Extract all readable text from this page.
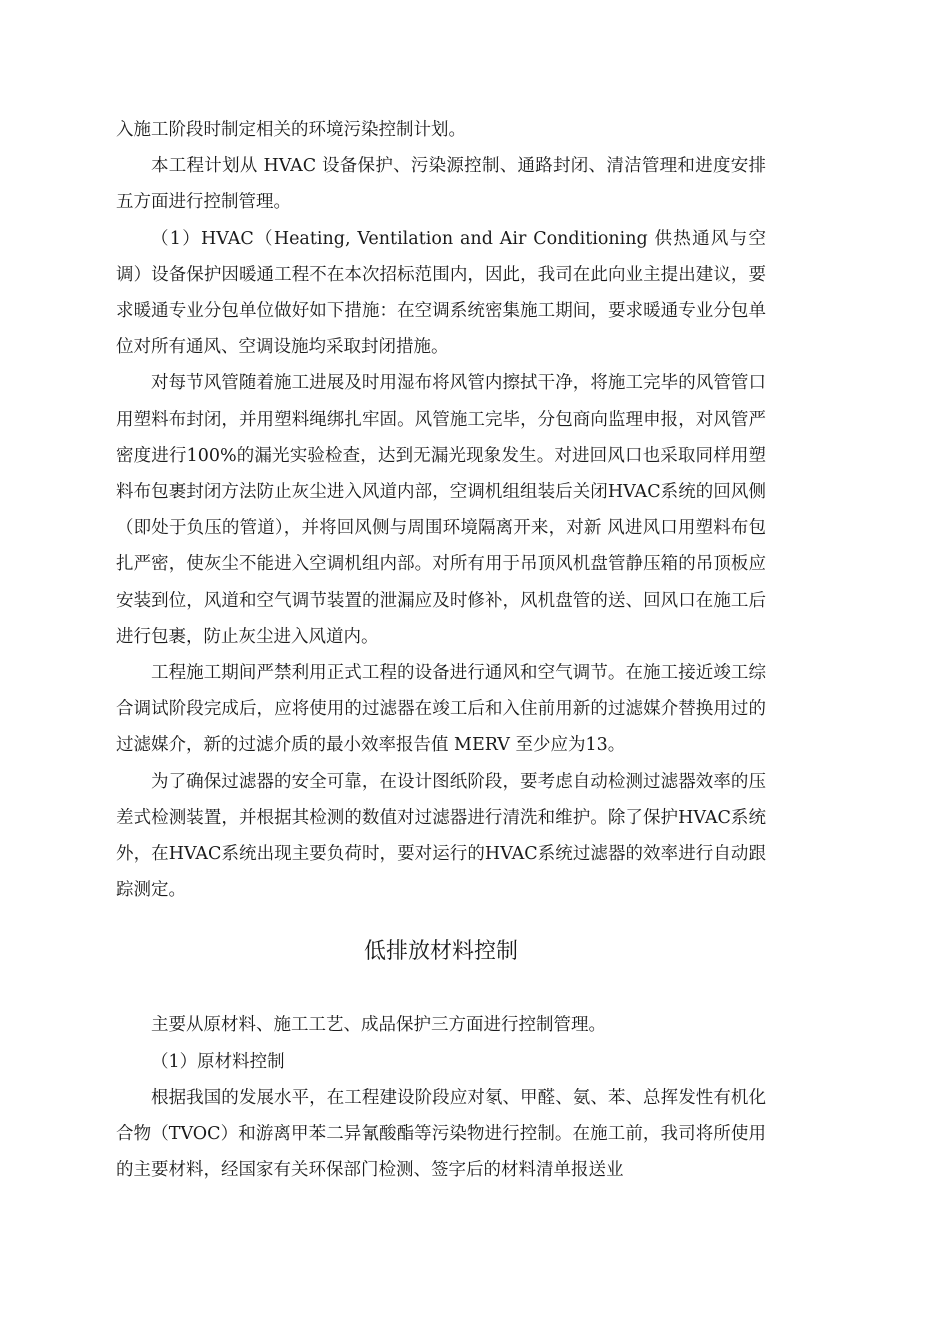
入施工阶段时制定相关的环境污染控制计划。

本工程计划从 HVAC 设备保护、污染源控制、通路封闭、清洁管理和进度安排五方面进行控制管理。

（1）HVAC（Heating, Ventilation and Air Conditioning 供热通风与空调）设备保护因暖通工程不在本次招标范围内，因此，我司在此向业主提出建议，要求暖通专业分包单位做好如下措施：在空调系统密集施工期间，要求暖通专业分包单位对所有通风、空调设施均采取封闭措施。

对每节风管随着施工进展及时用湿布将风管内擦拭干净，将施工完毕的风管管口用塑料布封闭，并用塑料绳绑扎牢固。风管施工完毕，分包商向监理申报，对风管严密度进行100%的漏光实验检查，达到无漏光现象发生。对进回风口也采取同样用塑料布包裹封闭方法防止灰尘进入风道内部，空调机组组装后关闭HVAC系统的回风侧（即处于负压的管道），并将回风侧与周围环境隔离开来，对新 风进风口用塑料布包扎严密，使灰尘不能进入空调机组内部。对所有用于吊顶风机盘管静压箱的吊顶板应安装到位，风道和空气调节装置的泄漏应及时修补，风机盘管的送、回风口在施工后进行包裹，防止灰尘进入风道内。

工程施工期间严禁利用正式工程的设备进行通风和空气调节。在施工接近竣工综合调试阶段完成后，应将使用的过滤器在竣工后和入住前用新的过滤媒介替换用过的过滤媒介，新的过滤介质的最小效率报告值 MERV 至少应为13。

为了确保过滤器的安全可靠，在设计图纸阶段，要考虑自动检测过滤器效率的压差式检测装置，并根据其检测的数值对过滤器进行清洗和维护。除了保护HVAC系统外，在HVAC系统出现主要负荷时，要对运行的HVAC系统过滤器的效率进行自动跟踪测定。

低排放材料控制

主要从原材料、施工工艺、成品保护三方面进行控制管理。

（1）原材料控制

根据我国的发展水平，在工程建设阶段应对氡、甲醛、氨、苯、总挥发性有机化合物（TVOC）和游离甲苯二异氰酸酯等污染物进行控制。在施工前，我司将所使用的主要材料，经国家有关环保部门检测、签字后的材料清单报送业
